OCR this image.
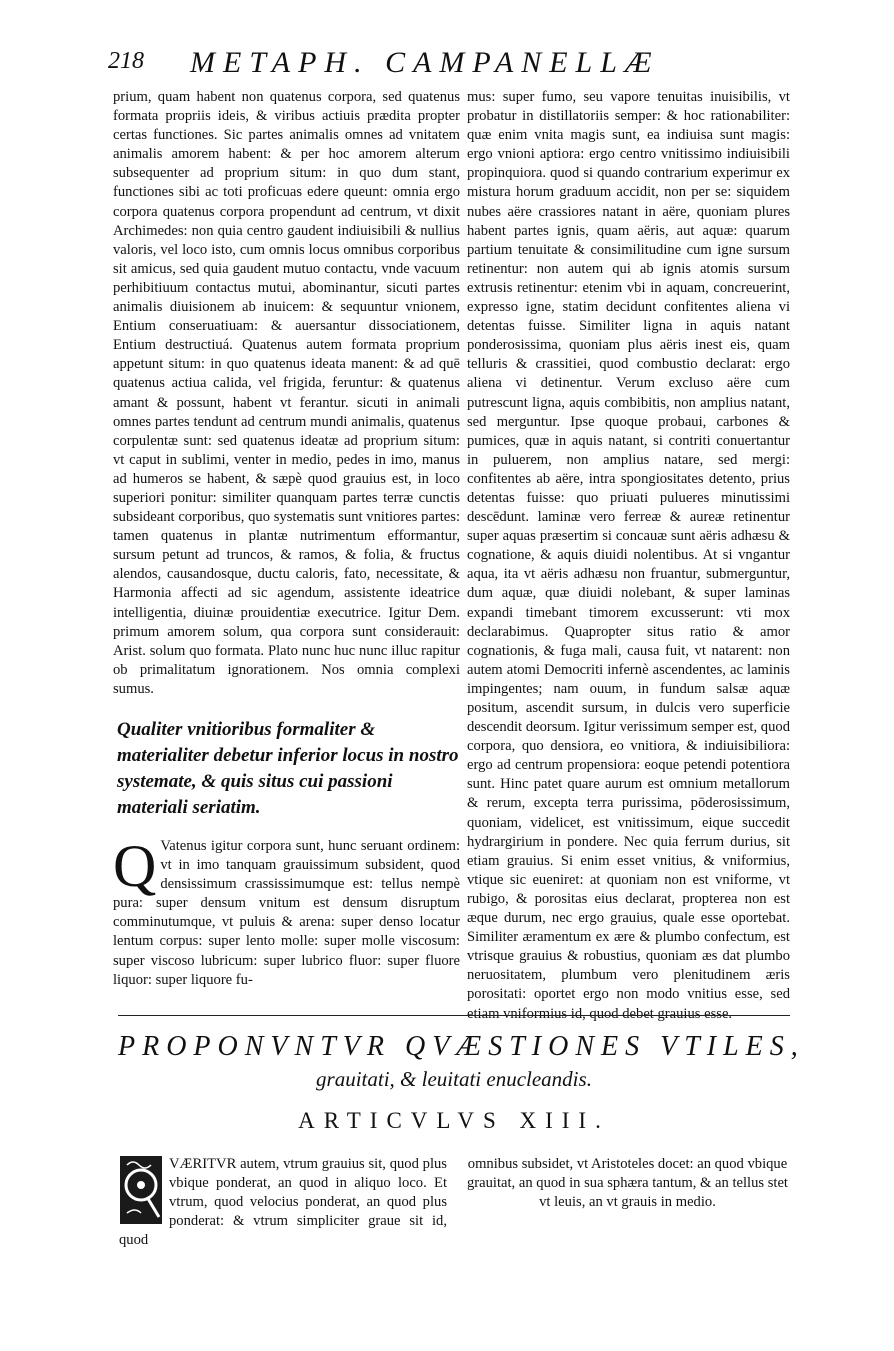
218 METAPH. CAMPANELLÆ

prium, quam habent non quatenus corpora, sed quatenus formata propriis ideis, & viribus actiuis prædita propter certas functiones. Sic partes animalis omnes ad vnitatem animalis amorem habent: & per hoc amorem alterum subsequenter ad proprium situm: in quo dum stant, functiones sibi ac toti proficuas edere queunt: omnia ergo corpora quatenus corpora propendunt ad centrum, vt dixit Archimedes: non quia centro gaudent indiuisibili & nullius valoris, vel loco isto, cum omnis locus omnibus corporibus sit amicus, sed quia gaudent mutuo contactu, vnde vacuum perhibitiuum contactus mutui, abominantur, sicuti partes animalis diuisionem ab inuicem: & sequuntur vnionem, Entium conseruatiuam: & auersantur dissociationem, Entium destructiuá. Quatenus autem formata proprium appetunt situm: in quo quatenus ideata manent: & ad quē quatenus actiua calida, vel frigida, feruntur: & quatenus amant & possunt, habent vt ferantur. sicuti in animali omnes partes tendunt ad centrum mundi animalis, quatenus corpulentæ sunt: sed quatenus ideatæ ad proprium situm: vt caput in sublimi, venter in medio, pedes in imo, manus ad humeros se habent, & sæpè quod grauius est, in loco superiori ponitur: similiter quanquam partes terræ cunctis subsideant corporibus, quo systematis sunt vnitiores partes: tamen quatenus in plantæ nutrimentum efformantur, sursum petunt ad truncos, & ramos, & folia, & fructus alendos, causandosque, ductu caloris, fato, necessitate, & Harmonia affecti ad sic agendum, assistente ideatrice intelligentia, diuinæ prouidentiæ executrice. Igitur Dem. primum amorem solum, qua corpora sunt considerauit: Arist. solum quo formata. Plato nunc huc nunc illuc rapitur ob primalitatum ignorationem. Nos omnia complexi sumus.

Qualiter vnitioribus formaliter & materialiter debetur inferior locus in nostro systemate, & quis situs cui passioni materiali seriatim.

Q Vatenus igitur corpora sunt, hunc seruant ordinem: vt in imo tanquam grauissimum subsident, quod densissimum crassissimumque est: tellus nempè pura: super densum vnitum est densum disruptum comminutumque, vt puluis & arena: super denso locatur lentum corpus: super lento molle: super molle viscosum: super viscoso lubricum: super lubrico fluor: super fluore liquor: super liquore fu-

mus: super fumo, seu vapore tenuitas inuisibilis, vt probatur in distillatoriis semper: & hoc rationabiliter: quæ enim vnita magis sunt, ea indiuisa sunt magis: ergo vnioni aptiora: ergo centro vnitissimo indiuisibili propinquiora. quod si quando contrarium experimur ex mistura horum graduum accidit, non per se: siquidem nubes aëre crassiores natant in aëre, quoniam plures habent partes ignis, quam aëris, aut aquæ: quarum partium tenuitate & consimilitudine cum igne sursum retinentur: non autem qui ab ignis atomis sursum extrusis retinentur: etenim vbi in aquam, concreuerint, expresso igne, statim decidunt confitentes aliena vi detentas fuisse. Similiter ligna in aquis natant ponderosissima, quoniam plus aëris inest eis, quam telluris & crassitiei, quod combustio declarat: ergo aliena vi detinentur. Verum excluso aëre cum putrescunt ligna, aquis combibitis, non amplius natant, sed merguntur. Ipse quoque probaui, carbones & pumices, quæ in aquis natant, si contriti conuertantur in puluerem, non amplius natare, sed mergi: confitentes ab aëre, intra spongiositates detento, prius detentas fuisse: quo priuati pulueres minutissimi descēdunt. laminæ vero ferreæ & aureæ retinentur super aquas præsertim si concauæ sunt aëris adhæsu & cognatione, & aquis diuidi nolentibus. At si vngantur aqua, ita vt aëris adhæsu non fruantur, submerguntur, dum aquæ, quæ diuidi nolebant, & super laminas expandi timebant timorem excusserunt: vti mox declarabimus. Quapropter situs ratio & amor cognationis, & fuga mali, causa fuit, vt natarent: non autem atomi Democriti infernè ascendentes, ac laminis impingentes; nam ouum, in fundum salsæ aquæ positum, ascendit sursum, in dulcis vero superficie descendit deorsum. Igitur verissimum semper est, quod corpora, quo densiora, eo vnitiora, & indiuisibiliora: ergo ad centrum propensiora: eoque petendi potentiora sunt. Hinc patet quare aurum est omnium metallorum & rerum, excepta terra purissima, pōderosissimum, quoniam, videlicet, est vnitissimum, eique succedit hydrargirium in pondere. Nec quia ferrum durius, sit etiam grauius. Si enim esset vnitius, & vniformius, vtique sic eueniret: at quoniam non est vniforme, vt rubigo, & porositas eius declarat, propterea non est æque durum, nec ergo grauius, quale esse oportebat. Similiter æramentum ex ære & plumbo confectum, est vtrisque grauius & robustius, quoniam æs dat plumbo neruositatem, plumbum vero plenitudinem æris porositati: oportet ergo non modo vnitius esse, sed etiam vniformius id, quod debet grauius esse.

PROPONVNTVR QVÆSTIONES VTILES,
grauitati, & leuitati enucleandis.
ARTICVLVS XIII.
VÆRITVR autem, vtrum grauius sit, quod plus vbique ponderat, an quod in aliquo loco. Et vtrum, quod velocius ponderat, an quod plus ponderat: & vtrum simpliciter graue sit id, quod
omnibus subsidet, vt Aristoteles docet: an quod vbique grauitat, an quod in sua sphæra tantum, & an tellus stet vt leuis, an vt grauis in medio.
